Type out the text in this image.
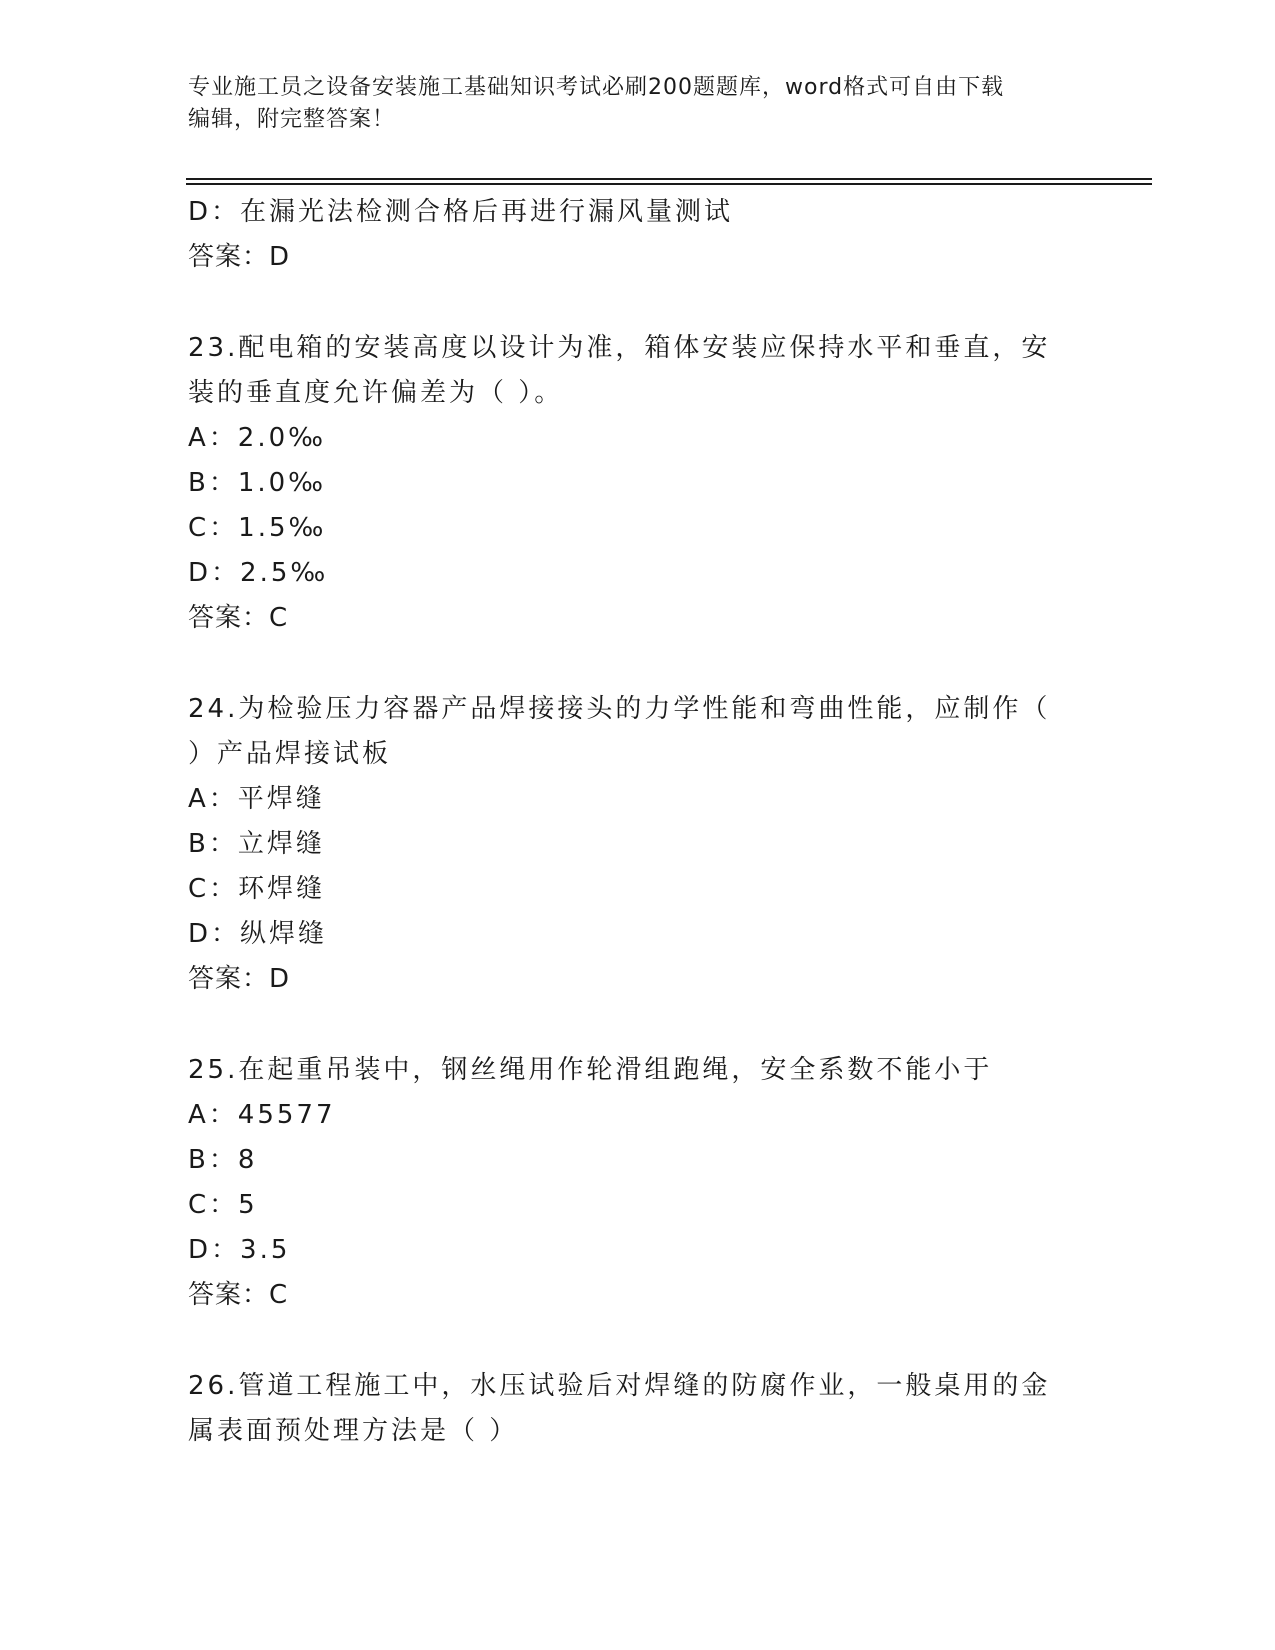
专业施工员之设备安装施工基础知识考试必刷200题题库，word格式可自由下载
编辑，附完整答案！
D：在漏光法检测合格后再进行漏风量测试
答案：D
23.配电箱的安装高度以设计为准，箱体安装应保持水平和垂直，安装的垂直度允许偏差为（ ）。
A：2.0‰
B：1.0‰
C：1.5‰
D：2.5‰
答案：C
24.为检验压力容器产品焊接接头的力学性能和弯曲性能，应制作（ ）产品焊接试板
A：平焊缝
B：立焊缝
C：环焊缝
D：纵焊缝
答案：D
25.在起重吊装中，钢丝绳用作轮滑组跑绳，安全系数不能小于
A：45577
B：8
C：5
D：3.5
答案：C
26.管道工程施工中，水压试验后对焊缝的防腐作业，一般桌用的金属表面预处理方法是（ ）
